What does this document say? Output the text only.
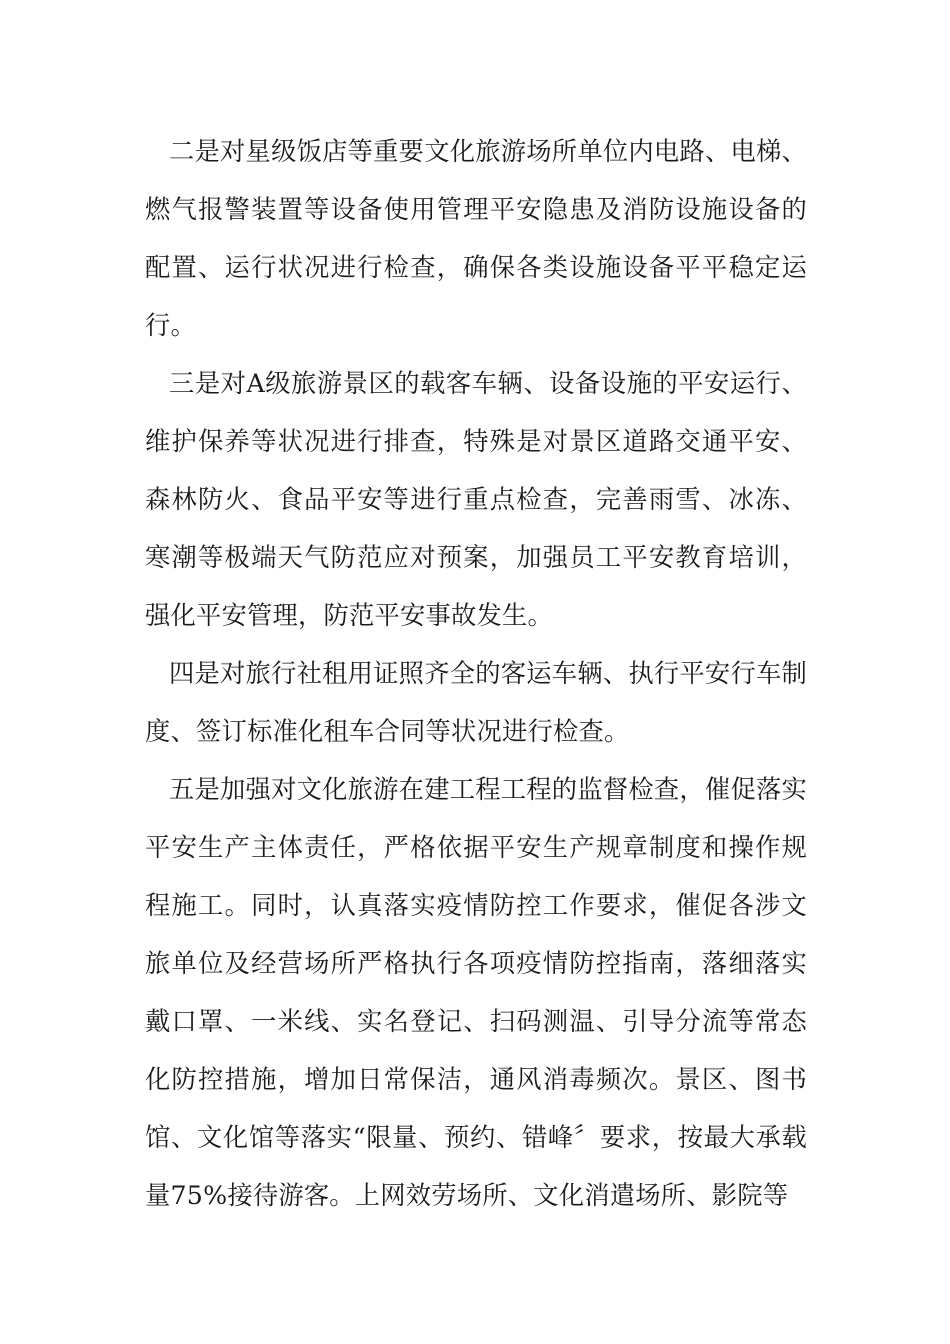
二是对星级饭店等重要文化旅游场所单位内电路、电梯、燃气报警装置等设备使用管理平安隐患及消防设施设备的配置、运行状况进行检查，确保各类设施设备平平稳定运行。

三是对A级旅游景区的载客车辆、设备设施的平安运行、维护保养等状况进行排查，特殊是对景区道路交通平安、森林防火、食品平安等进行重点检查，完善雨雪、冰冻、寒潮等极端天气防范应对预案，加强员工平安教育培训，强化平安管理，防范平安事故发生。

四是对旅行社租用证照齐全的客运车辆、执行平安行车制度、签订标准化租车合同等状况进行检查。

五是加强对文化旅游在建工程工程的监督检查，催促落实平安生产主体责任，严格依据平安生产规章制度和操作规程施工。同时，认真落实疫情防控工作要求，催促各涉文旅单位及经营场所严格执行各项疫情防控指南，落细落实戴口罩、一米线、实名登记、扫码测温、引导分流等常态化防控措施，增加日常保洁，通风消毒频次。景区、图书馆、文化馆等落实“限量、预约、错峰〞要求，按最大承载量75%接待游客。上网效劳场所、文化消遣场所、影院等
